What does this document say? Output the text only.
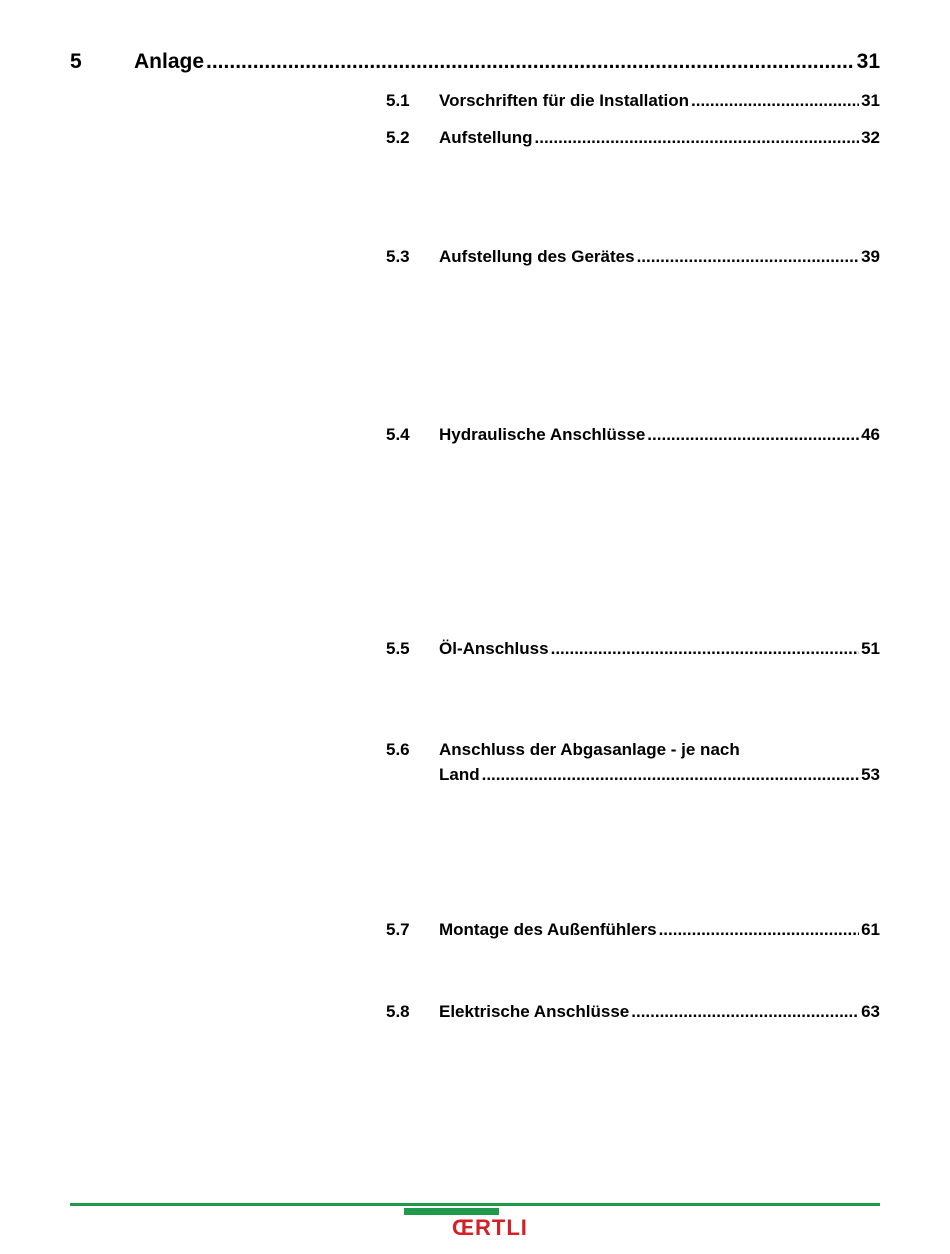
5	Anlage .....	31
5.1	Vorschriften für die Installation .....	31
5.2	Aufstellung .....	32
5.3	Aufstellung des Gerätes .....	39
5.4	Hydraulische Anschlüsse .....	46
5.5	Öl-Anschluss .....	51
5.6	Anschluss der Abgasanlage - je nach
Land .....	53
5.7	Montage des Außenfühlers .....	61
5.8	Elektrische Anschlüsse .....	63
ŒRTLI
